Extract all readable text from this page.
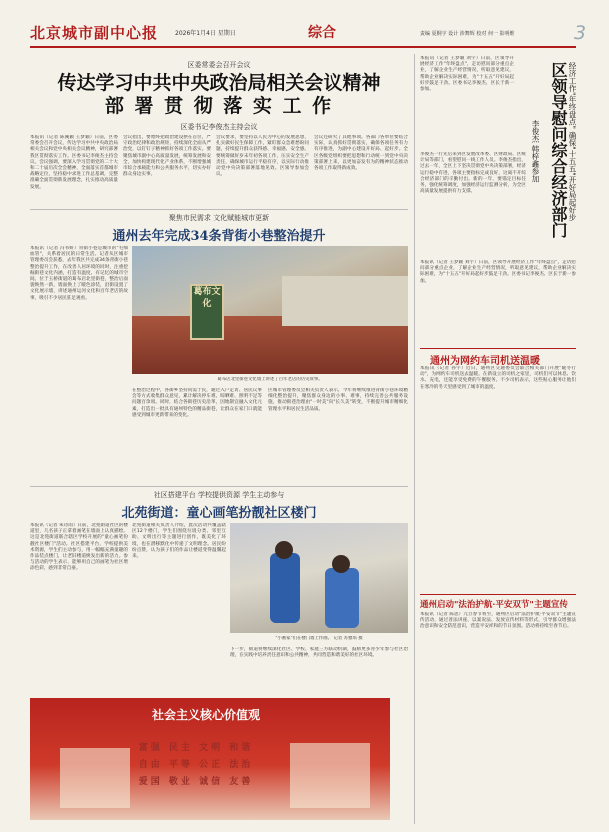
北京城市副中心报	2026年1月4日 星期日	综合	责编 夏桐宇 设计 涉舞辉 校对 何一 影明维	3
区委常委会召开会议
传达学习中共中央政治局相关会议精神
部 署 贯 彻 落 实 工 作
区委书记李俊杰主持会议
本报讯（记者 陈溪颖 王梦颖）日前，区委常委会召开会议，传达学习中共中央政治局相关会议和党中央相关会议精神，研究部署我区贯彻落实工作。区委书记李俊杰主持会议。会议强调，要深入学习贯彻党的二十大和二十届历次全会精神，全面落实首都城市战略定位，坚持稳中求进工作总基调，完整准确全面贯彻新发展理念，扎实推动高质量发展。
会议指出，要始终把政治建设摆在首位，严守政治纪律和政治规矩，持续深化全面从严治党，以钉钉子精神抓好各项工作落实。要聚焦城市副中心高质量发展，统筹发展和安全，加快构建现代化产业体系，不断增强城市综合承载能力和公共服务水平，切实办好群众身边实事。
会议要求，要坚持以人民为中心的发展思想，扎实做好民生保障工作，紧盯群众急难愁盼问题，持续提升群众获得感、幸福感、安全感。要统筹做好岁末年初各项工作，压实安全生产责任，确保城市运行平稳有序，以实际行动推动党中央决策部署落地见效。区领导参加会议。
会议还研究了其他事项。各部门各单位要结合实际，认真抓好贯彻落实，确保各项任务有力有序推进，为副中心建设开好局、起好步。全区各级党组织要把思想和行动统一到党中央决策部署上来，以更加奋发有为的精神状态推动各项工作取得新成效。
聚焦市民需求 文化赋能城市更新
通州去年完成34条背街小巷整治提升
本报讯（记者 冯书妍）背街小巷是城市的"毛细血管"，关系着居民的日常生活。记者从区城市管理委员会获悉，去年我区共完成34条背街小巷整治提升工作，在改善人居环境的同时，注重挖掘街巷文化内涵，打造有温度、有记忆的城市空间。位于玉桥街道的葛布店北里街巷，整治后面貌焕然一新，墙面换上了暖色涂装，沿街设置了文化展示墙，讲述通州运河文化和百年老店的故事，吸引不少居民驻足观看。
葛布文化
葛布店北里街巷文化墙上讲述了百年老店的历史故事。
在整治过程中，各街乡坚持问需于民，通过入户走访、居民议事会等方式收集群众意见，累计解决停车难、晾晒难、照明不足等问题百余项。同时，结合各街巷历史沿革，因地制宜融入文化元素，打造出一批具有通州特色的精品街巷，让群众在家门口就能感受到城市更新带来的变化。
区城市管理委员会相关负责人表示，今年将继续推进背街小巷环境精细化整治提升，聚焦群众身边的小事、难事，持续完善公共服务设施，推动街巷治理由"一时美"向"长久美"转变，不断提升城市精细化管理水平和居民生活品质。
社区搭建平台 学校提供资源 学生主动参与
北苑街道：童心画笔扮靓社区楼门
本报讯（记者 朱诗雨）日前，北苑街道社区的楼道里，几名孩子正拿着画笔在墙面上认真描绘。这是北苑街道联合辖区学校开展的"童心画笔扮靓社区楼门"活动。社区搭建平台，学校提供美术资源，学生们主动参与，用一幅幅充满童趣的作品装点楼门，让老旧楼道焕发出新的活力。参与活动的学生表示，能够用自己的画笔为社区增添色彩，感到非常自豪。
北苑街道相关负责人介绍，此次活动共覆盖辖区12个楼门，学生们围绕垃圾分类、邻里互助、文明出行等主题进行创作，既美化了环境，也在潜移默化中传递了文明理念。居民纷纷点赞，认为孩子们的作品让楼道变得温馨起来。
"小画家"们在楼门墙上作画。 记者 苏雅琪 摄
下一步，街道将继续深化社区、学校、家庭三方联动机制，鼓励更多青少年参与社区治理，在实践中培养责任意识和公共精神，共同营造和谐美好的社区环境。
社会主义核心价值观
富强 民主 文明 和谐
自由 平等 公正 法治
爱国 敬业 诚信 友善
本报讯（记者 王梦颖 刘宇）日前，区领导开展经济工作"年终盘点"，走访慰问部分重点企业，了解企业生产经营情况，听取意见建议，帮助企业解决实际困难，为"十五五"开好局起好步鼓足干劲。区委书记李俊杰、区长于新一参加。	区领导慰问综合经济部门 经济工作"年终盘点" 确保"十五五"开好局起好步
李俊杰 韩梓鑫参加
李俊杰一行先后来到区发展改革委、区财政局、区统计局等部门，看望慰问一线工作人员。李俊杰指出，过去一年，全区上下坚决贯彻党中央决策部署，经济运行稳中有进，各项主要指标完成良好，这离不开综合经济部门的辛勤付出。新的一年，要锚定目标任务，强化统筹调度，加强经济运行监测分析，为全区高质量发展提供有力支撑。
本报讯（记者 王梦颖 刘宇）日前，区领导开展经济工作"年终盘点"，走访慰问部分重点企业，了解企业生产经营情况，听取意见建议，帮助企业解决实际困难，为"十五五"开好局起好步鼓足干劲。区委书记李俊杰、区长于新一参加。
通州为网约车司机送温暖
本报讯（记者 孙宇）近日，通州区交通委员会联合相关部门开展"暖冬行动"，为网约车司机送去温暖。在新设立的司机之家里，司机们可以休息、饮水、充电，还能享受免费的午餐服务。不少司机表示，这些贴心服务让他们在寒冷的冬天里感受到了城市的温度。
通州启动"法治护航·平安双节"主题宣传
本报讯（记者 陈思）元旦春节将至，通州区启动"法治护航·平安双节"主题宣传活动，通过普法讲座、以案说法、发放宣传材料等形式，引导群众增强法治意识和安全防范意识，营造平安祥和的节日氛围。活动将持续至春节后。
